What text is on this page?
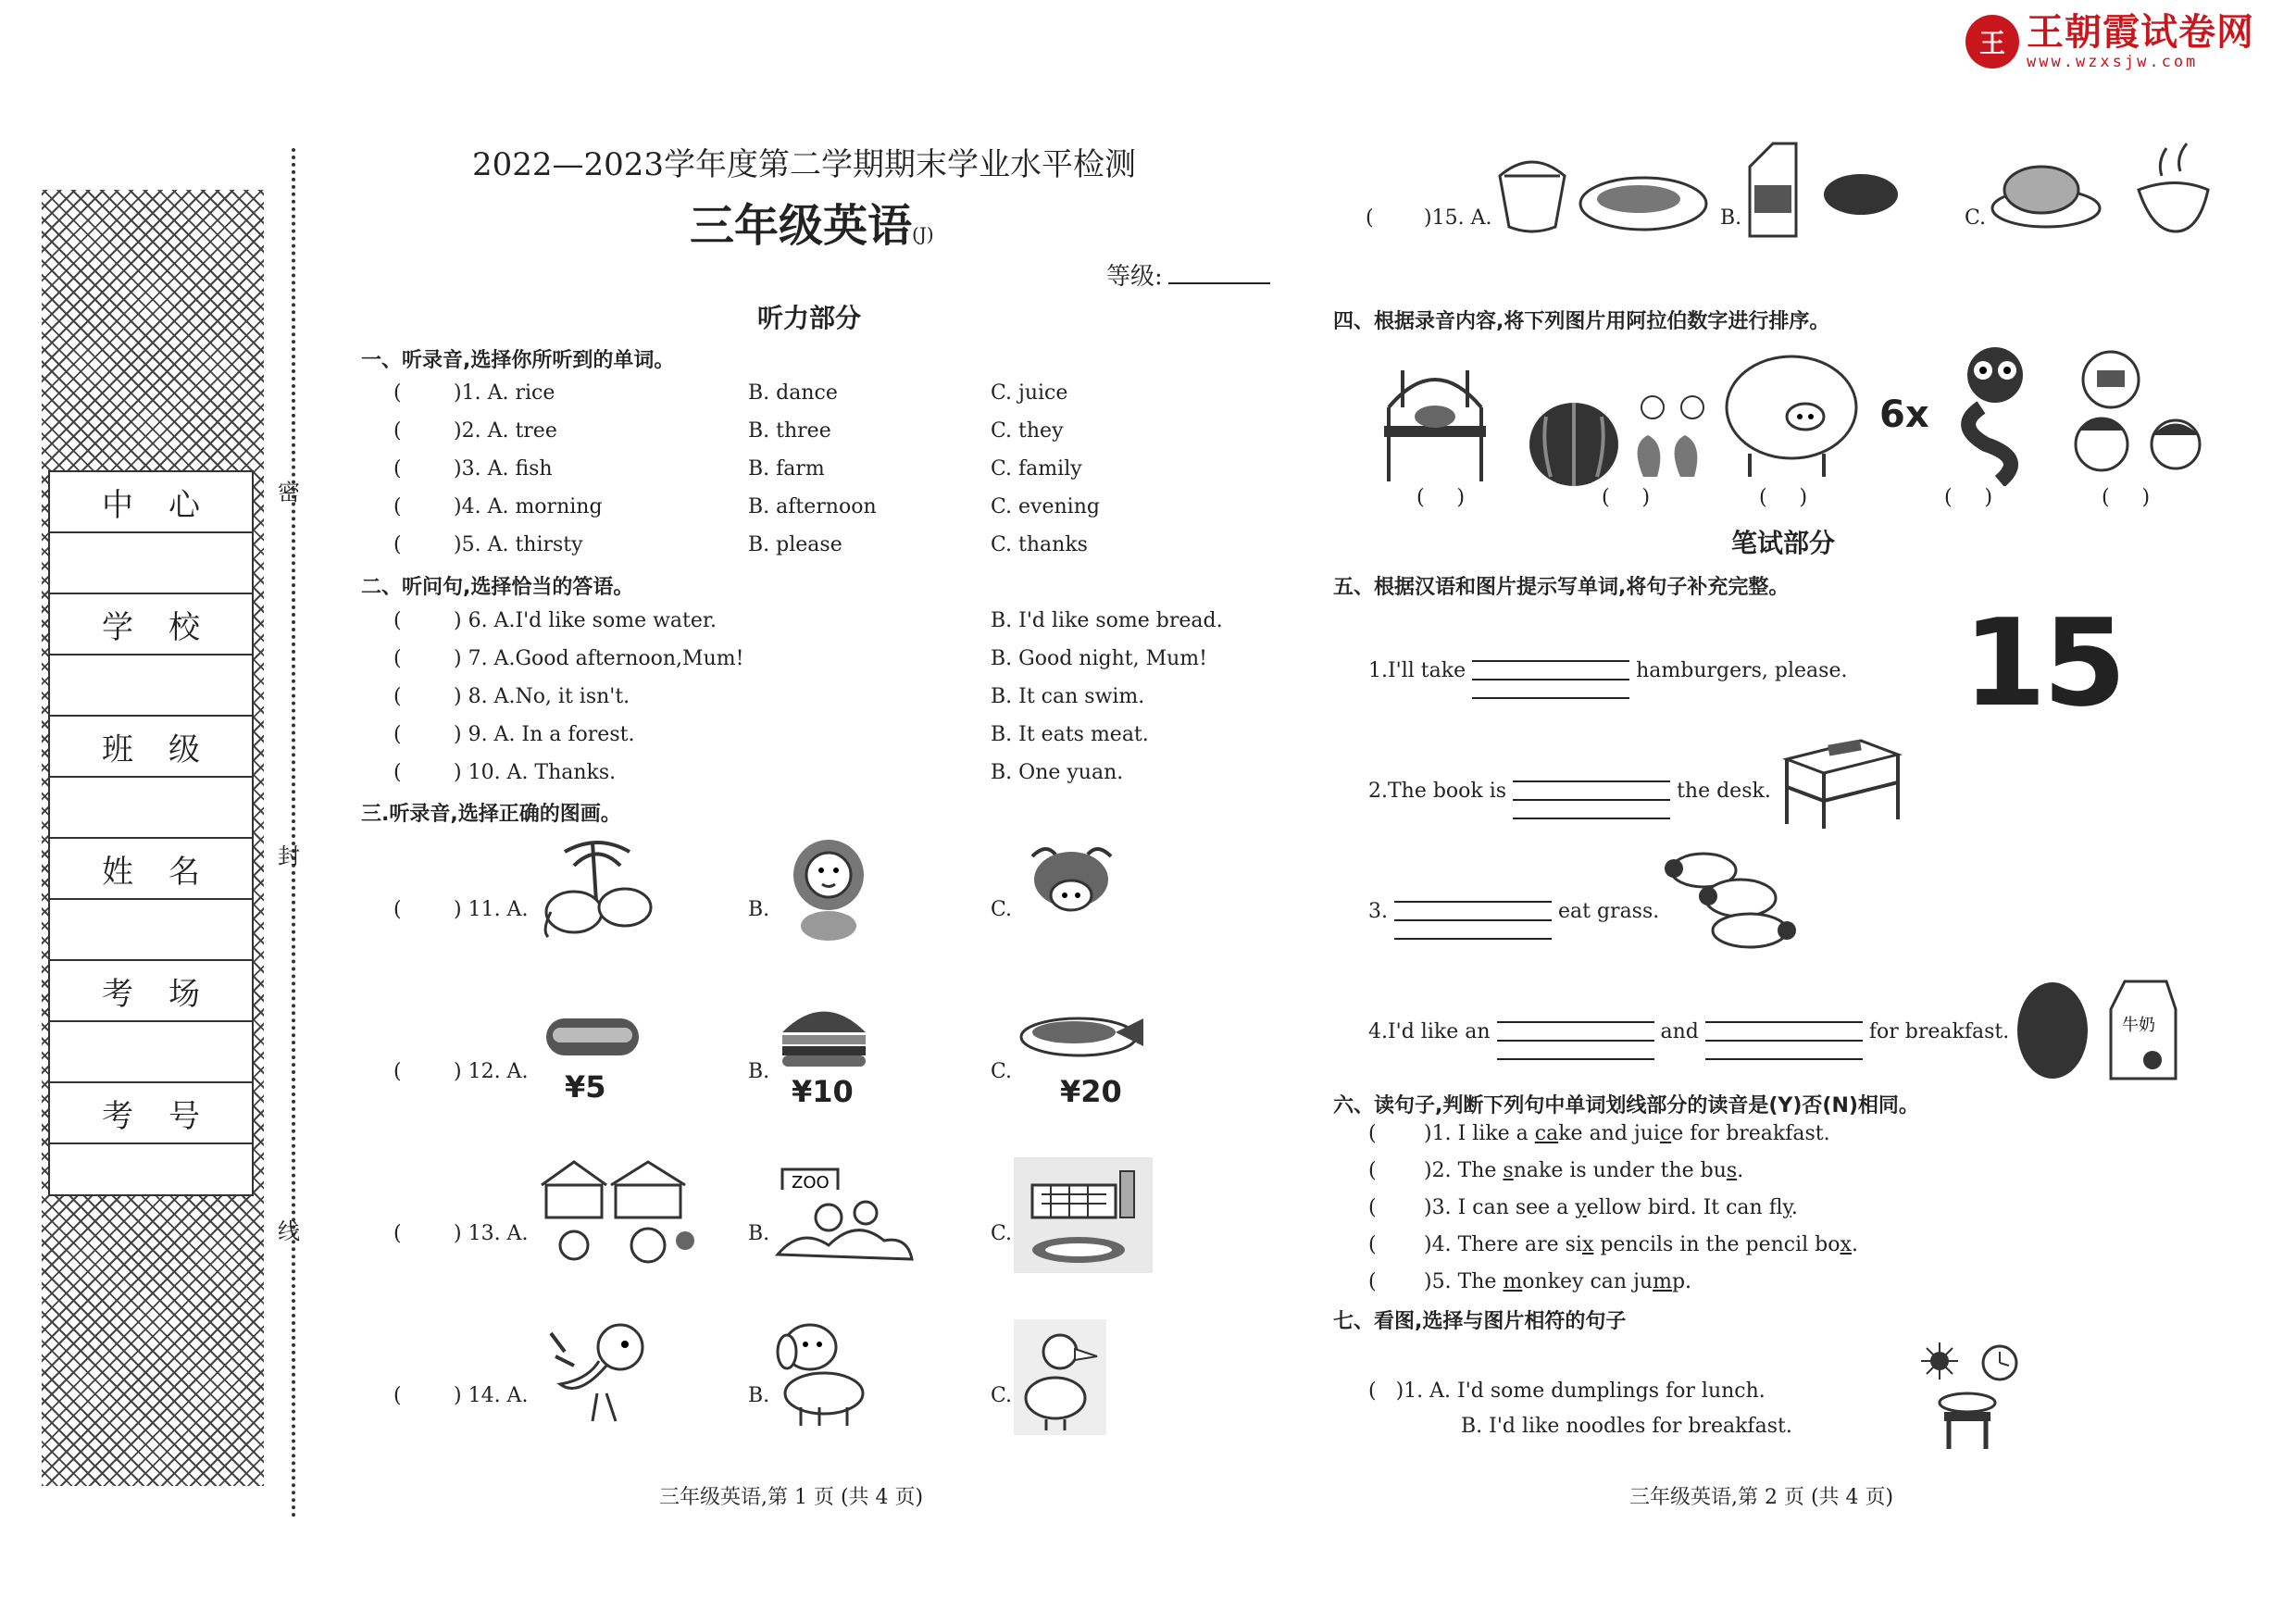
王 王朝霞试卷网
www.wzxsjw.com
中心
学校
班级
姓名
考场
考号
密
封
线
2022—2023学年度第二学期期末学业水平检测
三年级英语(J)
等级:
听力部分
一、听录音,选择你所听到的单词。
(	)1. A. rice	B. dance	C. juice
(	)2. A. tree	B. three	C. they
(	)3. A. fish	B. farm	C. family
(	)4. A. morning	B. afternoon	C. evening
(	)5. A. thirsty	B. please	C. thanks
二、听问句,选择恰当的答语。
(	) 6. A.I'd like some water.	B. I'd like some bread.
(	) 7. A.Good afternoon,Mum!	B. Good night, Mum!
(	) 8. A.No, it isn't.	B. It can swim.
(	) 9. A. In a forest.	B. It eats meat.
(	) 10. A. Thanks.	B. One yuan.
三.听录音,选择正确的图画。
(	) 11. A.	B.	C.
(	) 12. A.	B.	C.
(	) 13. A.	B.	C.
(	) 14. A.	B.	C.
( )15. A.	B.	C.
¥5	¥10	¥20
ZOO
四、根据录音内容,将下列图片用阿拉伯数字进行排序。
6x
(     )	(     )	(     )	(     )	(     )
笔试部分
五、根据汉语和图片提示写单词,将句子补充完整。
1.I'll take	hamburgers, please. 15
2.The book is	the desk.
3.	eat grass.
4.I'd like an	and	for breakfast.	牛奶
六、读句子,判断下列句中单词划线部分的读音是(Y)否(N)相同。
( )1. I like a cake and juice for breakfast.
( )2. The snake is under the bus.
( )3. I can see a yellow bird. It can fly.
( )4. There are six pencils in the pencil box.
( )5. The monkey can jump.
七、看图,选择与图片相符的句子
(   )1. A. I'd some dumplings for lunch.
B. I'd like noodles for breakfast.
三年级英语,第 1 页 (共 4 页)	三年级英语,第 2 页 (共 4 页)
